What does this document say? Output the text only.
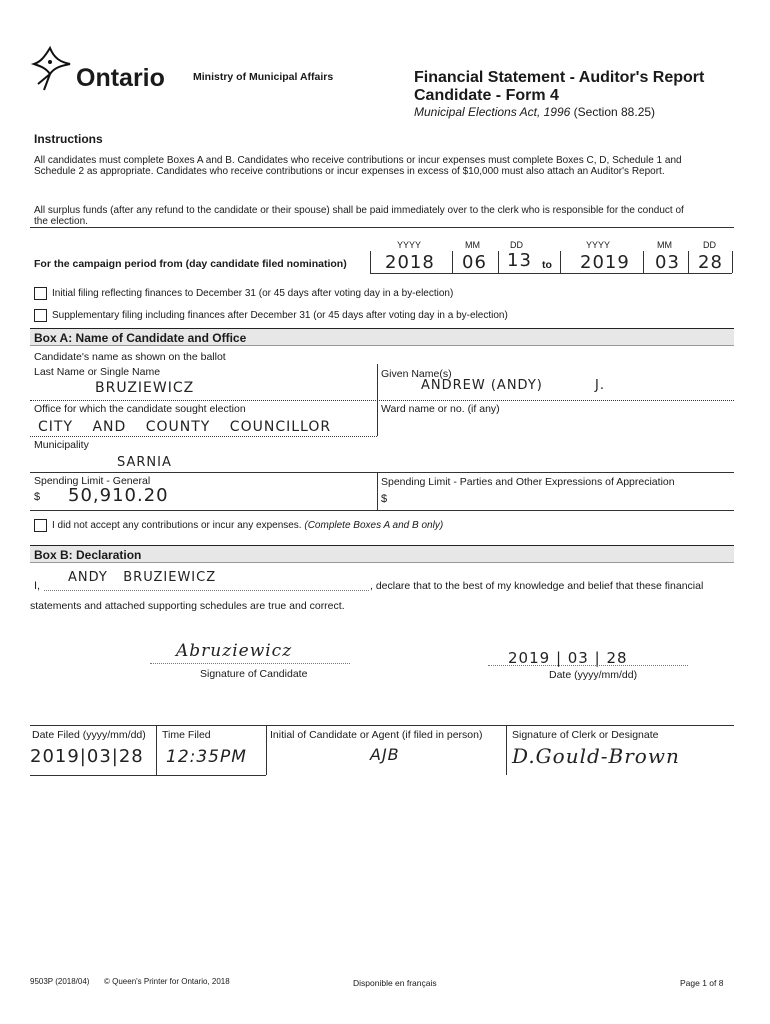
Ontario	Ministry of Municipal Affairs	Financial Statement - Auditor's Report
Candidate - Form 4
Municipal Elections Act, 1996 (Section 88.25)
Instructions
All candidates must complete Boxes A and B. Candidates who receive contributions or incur expenses must complete Boxes C, D, Schedule 1 and Schedule 2 as appropriate. Candidates who receive contributions or incur expenses in excess of $10,000 must also attach an Auditor's Report.
All surplus funds (after any refund to the candidate or their spouse) shall be paid immediately over to the clerk who is responsible for the conduct of the election.
YYYY	MM	DD	YYYY	MM	DD
For the campaign period from (day candidate filed nomination) 2018 06 13 to 2019 03 28
Initial filing reflecting finances to December 31 (or 45 days after voting day in a by-election)
Supplementary filing including finances after December 31 (or 45 days after voting day in a by-election)
Box A: Name of Candidate and Office
Candidate's name as shown on the ballot
Last Name or Single Name
BRUZIEWICZ
Given Name(s)
ANDREW (ANDY)	J.
Office for which the candidate sought election
CITY AND COUNTY COUNCILLOR
Ward name or no. (if any)
Municipality
SARNIA
Spending Limit - General
$ 50,910.20
Spending Limit - Parties and Other Expressions of Appreciation
$
I did not accept any contributions or incur any expenses. (Complete Boxes A and B only)
Box B: Declaration
I,
ANDY   BRUZIEWICZ
, declare that to the best of my knowledge and belief that these financial
statements and attached supporting schedules are true and correct.
Abruziewicz
Signature of Candidate
2019 | 03 | 28
Date (yyyy/mm/dd)
Date Filed (yyyy/mm/dd)
2019|03|28
Time Filed
12:35PM
Initial of Candidate or Agent (if filed in person)
AJB
Signature of Clerk or Designate
D.Gould-Brown
9503P (2018/04) © Queen's Printer for Ontario, 2018	Disponible en français	Page 1 of 8
